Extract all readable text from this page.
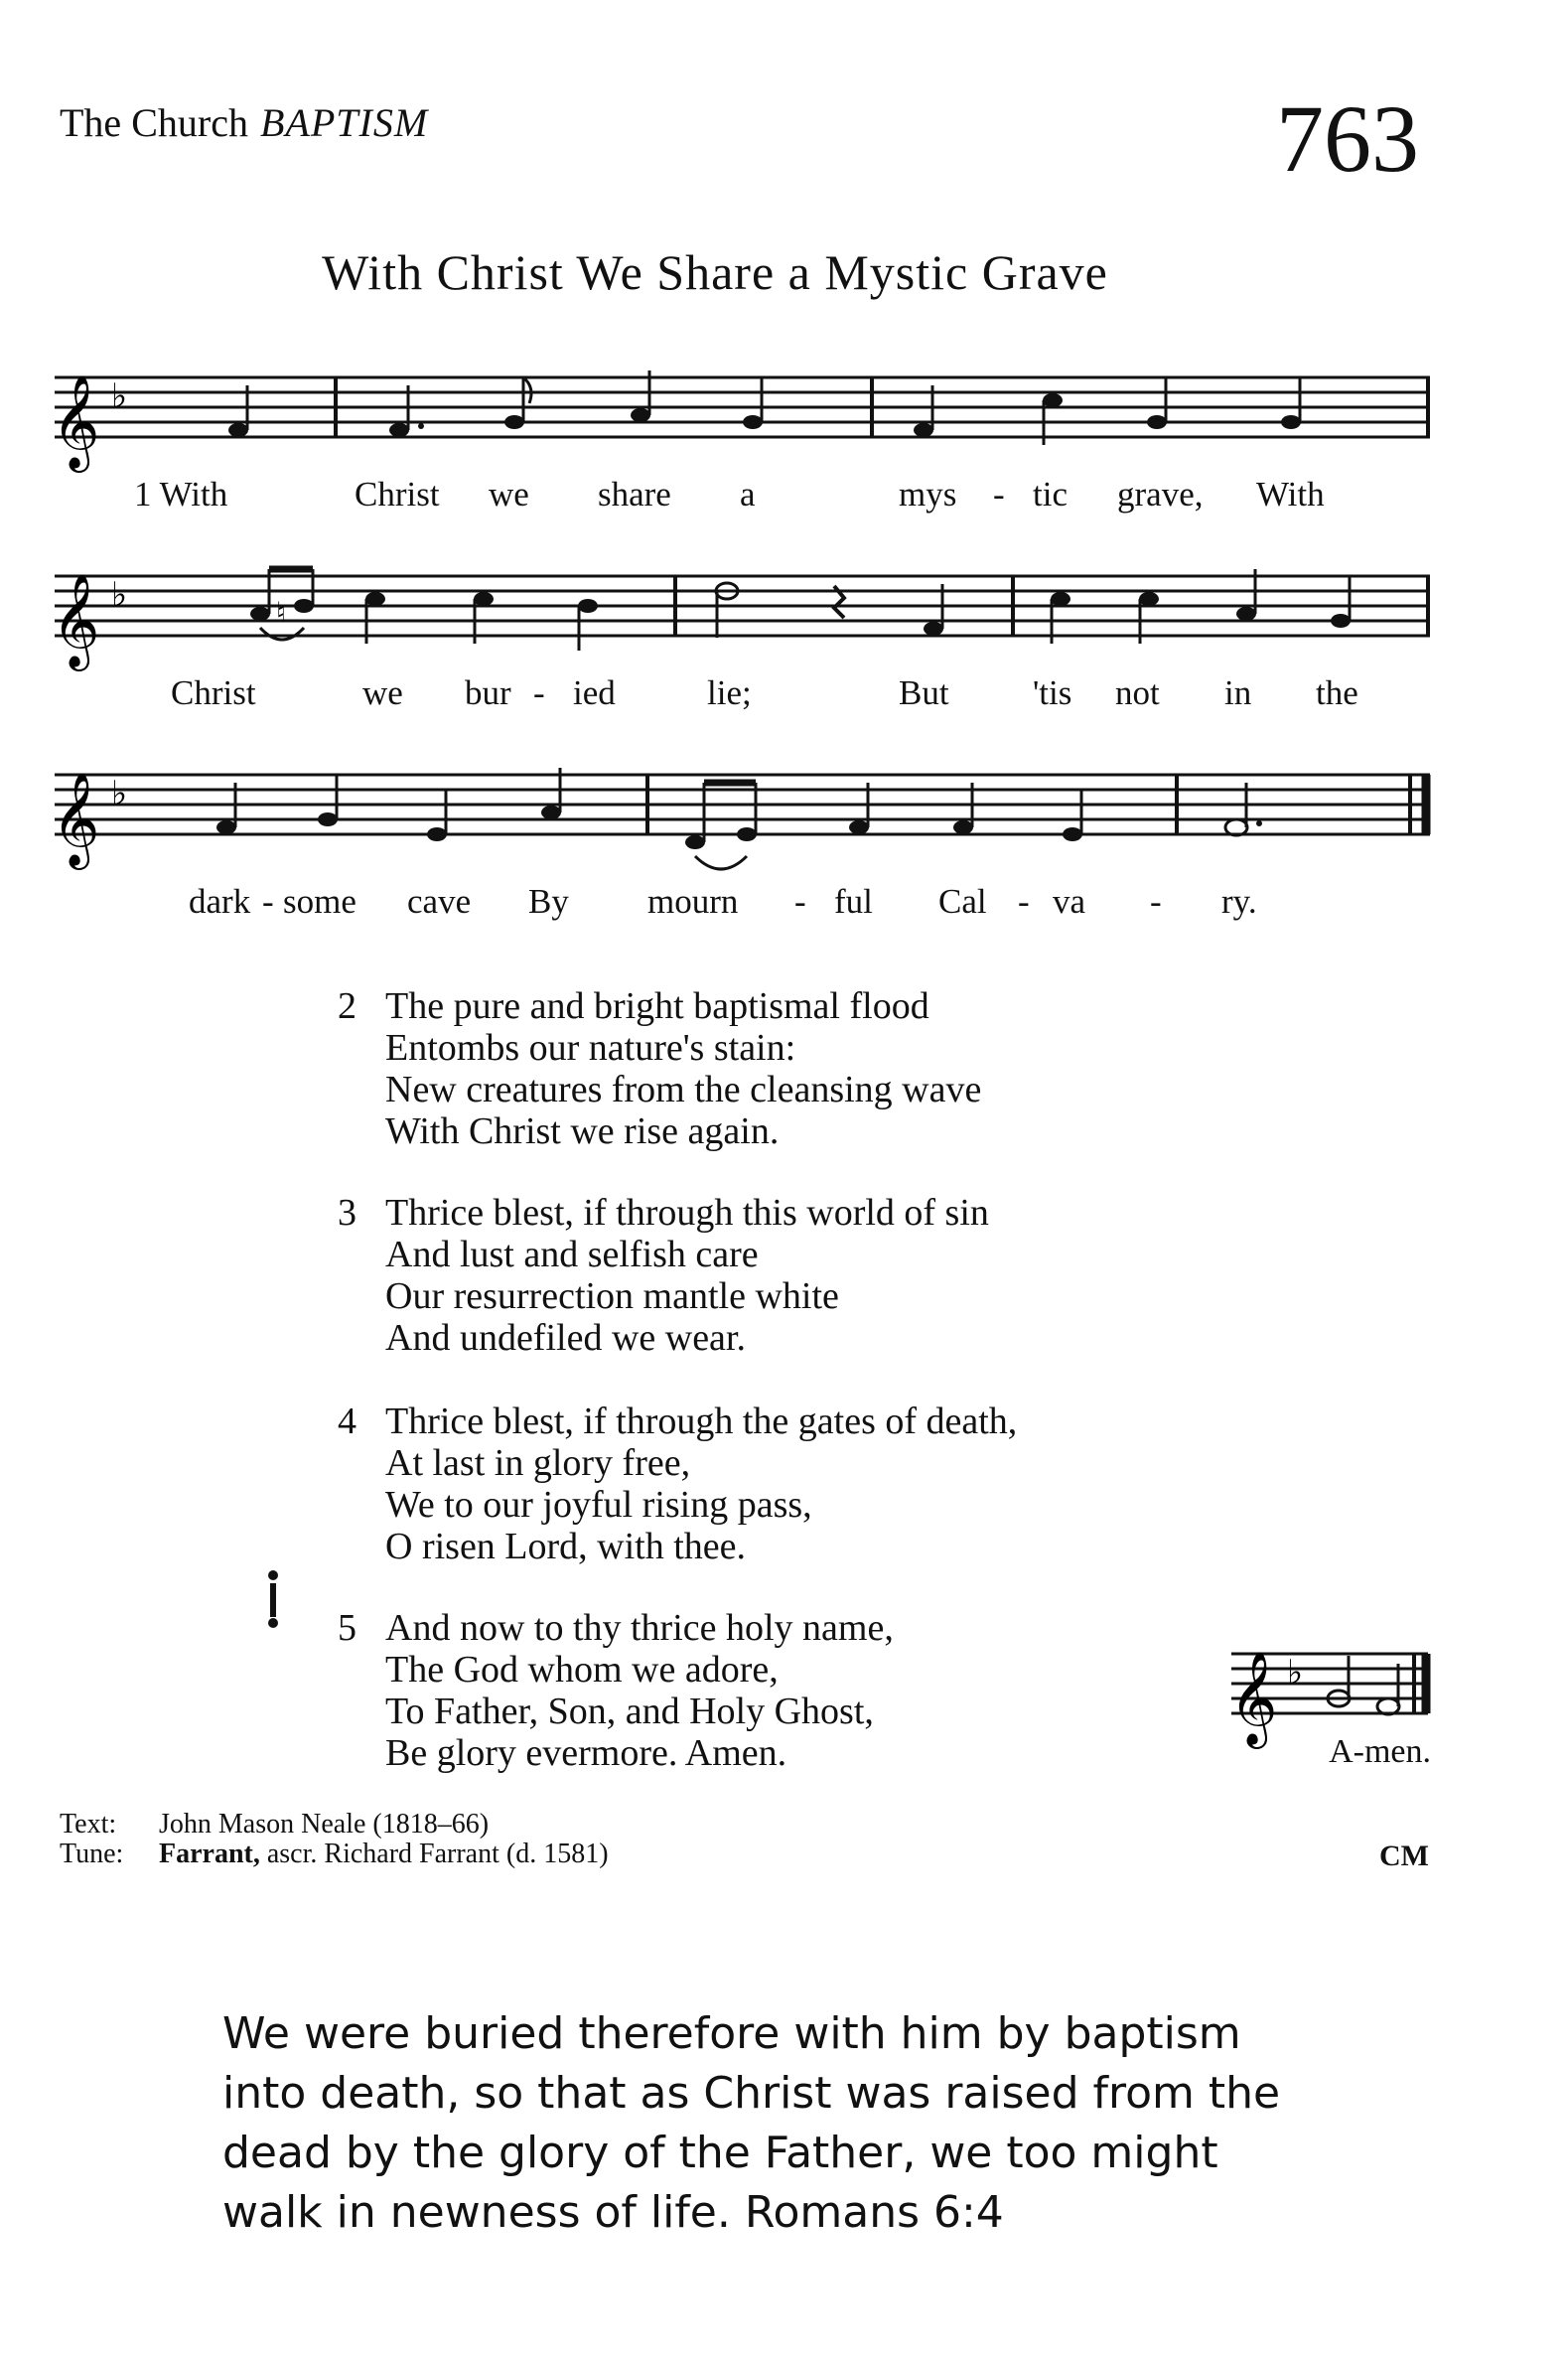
The Church BAPTISM	763
With Christ We Share a Mystic Grave
𝄞 ♭
1 With	Christ we share a	mys - tic grave, With
𝄞 ♭	♮
Christ	we bur - ied	lie;	But 'tis not in the
𝄞 ♭
dark - some cave By mourn - ful Cal - va - ry.
2 The pure and bright baptismal flood
Entombs our nature's stain:
New creatures from the cleansing wave
With Christ we rise again.
3 Thrice blest, if through this world of sin
And lust and selfish care
Our resurrection mantle white
And undefiled we wear.
4 Thrice blest, if through the gates of death,
At last in glory free,
We to our joyful rising pass,
O risen Lord, with thee.
5 And now to thy thrice holy name,
The God whom we adore,
To Father, Son, and Holy Ghost,
Be glory evermore. Amen.
𝄞 ♭
A-men.
Text: John Mason Neale (1818–66)
Tune: Farrant, ascr. Richard Farrant (d. 1581)	CM
We were buried therefore with him by baptism into death, so that as Christ was raised from the dead by the glory of the Father, we too might walk in newness of life. Romans 6:4
